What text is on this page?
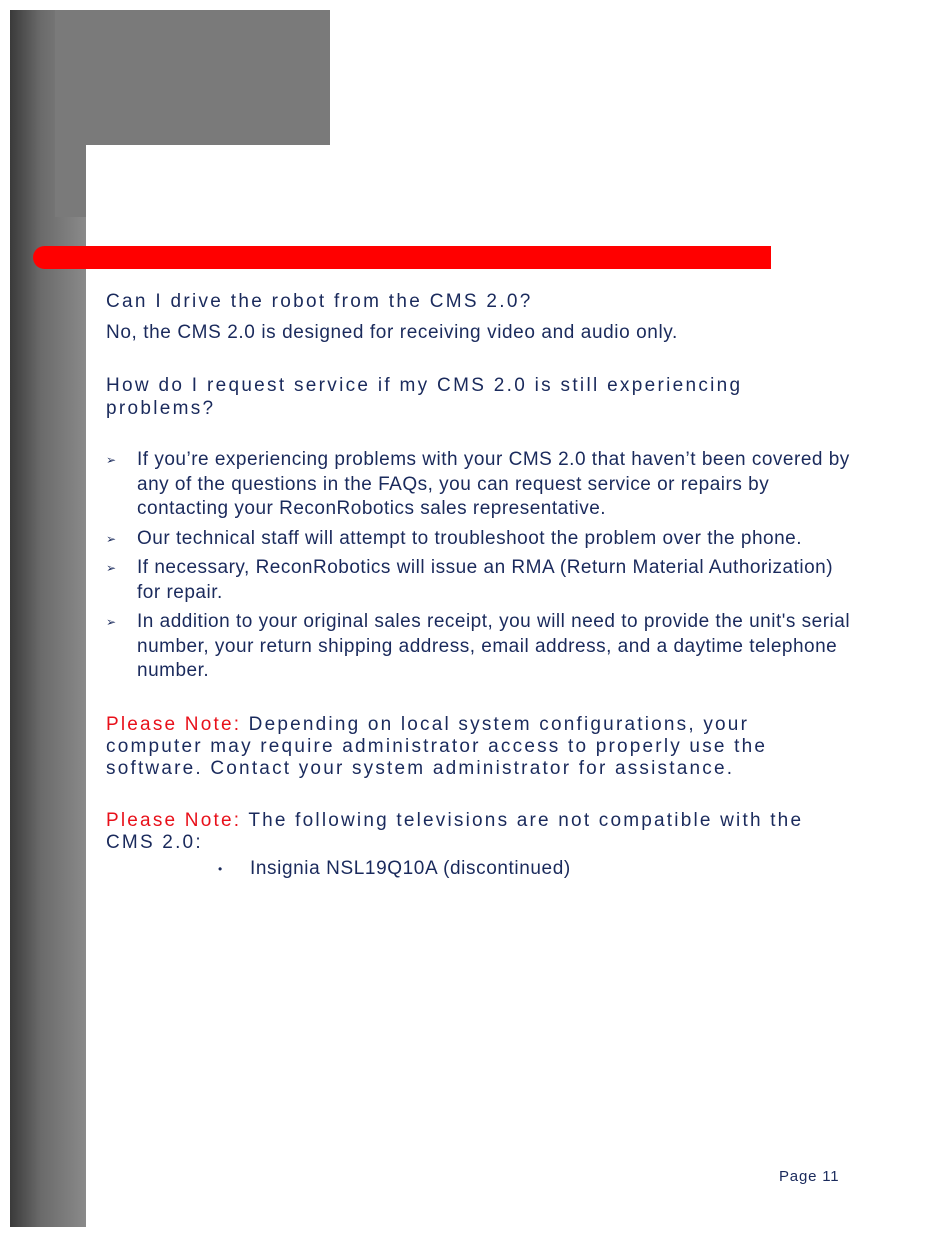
Can I drive the robot from the CMS 2.0?

No, the CMS 2.0 is designed for receiving video and audio only.

How do I request service if my CMS 2.0 is still experiencing problems?

➢ If you’re experiencing problems with your CMS 2.0 that haven’t been covered by any of the questions in the FAQs, you can request service or repairs by contacting your ReconRobotics sales representative.
➢ Our technical staff will attempt to troubleshoot the problem over the phone.
➢ If necessary, ReconRobotics will issue an RMA (Return Material Authorization) for repair.
➢ In addition to your original sales receipt, you will need to provide the unit's serial number, your return shipping address, email address, and a daytime telephone number.

Please Note: Depending on local system configurations, your computer may require administrator access to properly use the software. Contact your system administrator for assistance.

Please Note: The following televisions are not compatible with the CMS 2.0:

• Insignia NSL19Q10A (discontinued)
Page 11
